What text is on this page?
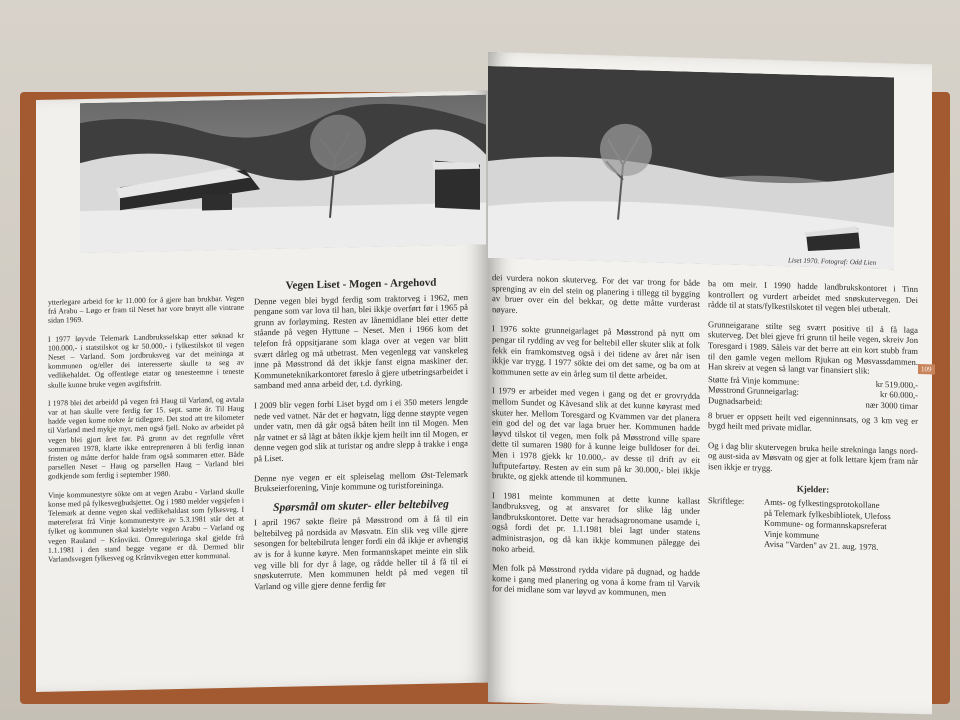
ytterlegare arbeid for kr 11.000 for å gjere han brukbar. Vegen frå Arabu – Løgo er fram til Neset har vore brøytt alle vintrane sidan 1969.

I 1977 løyvde Telemark Landbruksselskap etter søknad kr 100.000,- i statstilskot og kr 50.000,- i fylkestilskot til vegen Neset – Varland. Som jordbruksveg var det meininga at kommunen og/eller dei interesserte skulle ta seg av vedlikehaldet. Og offentlege etatar og tenesteemne i teneste skulle kunne bruke vegen avgiftsfritt.

I 1978 blei det arbeidd på vegen frå Haug til Varland, og avtala var at han skulle vere ferdig før 15. sept. same år. Til Haug hadde vegen kome nokre år tidlegare. Det stod att tre kilometer til Varland med mykje myr, men også fjell. Noko av arbeidet på vegen blei gjort året før. På grunn av det regnfulle vêret sommaren 1978, klarte ikke entreprenøren å bli ferdig innan fristen og måtte derfor halde fram også sommaren etter. Både parsellen Neset – Haug og parsellen Haug – Varland blei godkjende som ferdig i september 1980.

Vinje kommunestyre sökte om at vegen Arabu - Varland skulle konse med på fylkesvegbudsjettet. Og i 1980 melder vegsjefen i Telemark at denne vegen skal vedlikehaldast som fylkesveg. I møtereferat frå Vinje kommunestyre av 5.3.1981 står det at fylket og kommunen skal kastelyte vegen Arabu – Varland og vegen Rauland – Krånvikti. Omreguleringa skal gjelde frå 1.1.1981 i den stand begge vegane er då. Dermed blir Varlandsvegen fylkesveg og Krånvikvegen etter kommunal.

Vegen Liset - Mogen - Argehovd

Denne vegen blei bygd ferdig som traktorveg i 1962, men pengane som var lova til han, blei ikkje overført før i 1965 på grunn av forløyming. Resten av lånemidlane blei etter dette ståande på vegen Hyttune – Neset. Men i 1966 kom det telefon frå oppsitjarane som klaga over at vegen var blitt svært dårleg og må utbetrast. Men vegenlegg var vanskeleg inne på Møsstrond då det ikkje fanst eigna maskiner der. Kommuneteknikarkontoret føreslo å gjere utbetringsarbeidet i samband med anna arbeid der, t.d. dyrking.

I 2009 blir vegen forbi Liset bygd om i ei 350 meters lengde nede ved vatnet. Når det er høgvatn, ligg denne støypte vegen under vatn, men då går også båten heilt inn til Mogen. Men når vatnet er så lågt at båten ikkje kjem heilt inn til Mogen, er denne vegen god slik at turistar og andre slepp å trakke i enga på Liset.

Denne nye vegen er eit spleiselag mellom Øst-Telemark Brukseierforening, Vinje kommune og turistforeininga.

Spørsmål om skuter- eller beltebilveg

I april 1967 søkte fleire på Møsstrond om å få til ein beltebilveg på nordsida av Møsvatn. Ein slik veg ville gjere sesongen for beltebilruta lenger fordi ein då ikkje er avhengig av is for å kunne køyre. Men formannskapet meinte ein slik veg ville bli for dyr å lage, og rådde heller til å få til ei snøskuterrute. Men kommunen heldt på med vegen til Varland og ville gjere denne ferdig før

Liset 1970. Fotograf: Odd Lien
109

dei vurdera nokon skuterveg. For det var trong for både sprenging av ein del stein og planering i tillegg til bygging av bruer over ein del bekkar, og dette måtte vurderast nøyare.

I 1976 sokte grunneigarlaget på Møsstrond på nytt om pengar til rydding av veg for beltebil eller skuter slik at folk fekk ein framkomstveg også i dei tidene av året når isen ikkje var trygg. I 1977 sökte dei om det same, og ba om at kommunen sette av ein årleg sum til dette arbeidet.

I 1979 er arbeidet med vegen i gang og det er grovrydda mellom Sundet og Kåvesand slik at det kunne køyrast med skuter her. Mellom Toresgard og Kvammen var det planera ein god del og det var laga bruer her. Kommunen hadde løyvd tilskot til vegen, men folk på Møsstrond ville spare dette til sumaren 1980 for å kunne leige bulldoser for dei. Men i 1978 gjekk kr 10.000,- av desse til drift av eit luftputefartøy. Resten av ein sum på kr 30.000,- blei ikkje brukte, og gjekk attende til kommunen.

I 1981 meinte kommunen at dette kunne kallast landbruksveg, og at ansvaret for slike låg under landbrukskontoret. Dette var heradsagronomane usamde i, også fordi det pr. 1.1.1981 blei lagt under statens administrasjon, og då kan ikkje kommunen pålegge dei noko arbeid.

Men folk på Møsstrond rydda vidare på dugnad, og hadde kome i gang med planering og vona å kome fram til Varvik for dei midlane som var løyvd av kommunen, men

ba om meir. I 1990 hadde landbrukskontoret i Tinn kontrollert og vurdert arbeidet med snøskutervegen. Dei rådde til at stats/fylkestilskotet til vegen blei utbetalt.

Grunneigarane stilte seg svært positive til å få laga skuterveg. Det blei gjeve fri grunn til heile vegen, skreiv Jon Toresgard i 1989. Såleis var det berre att ein kort stubb fram til den gamle vegen mellom Rjukan og Møsvassdammen. Han skreiv at vegen så langt var finansiert slik:

Støtte frå Vinje kommune:	kr 519.000,-
Møsstrond Grunneigarlag:	kr 60.000,-
Dugnadsarbeid:	nær 3000 timar

8 bruer er oppsett heilt ved eigenninnsats, og 3 km veg er bygd heilt med private midlar.

Og i dag blir skutervegen bruka heile strekninga langs nord- og aust-sida av Møsvatn og gjer at folk lettare kjem fram når isen ikkje er trygg.

Kjelder:
Skriftlege:	Amts- og fylkestingsprotokollane
på Telemark fylkesbibliotek, Ulefoss
Kommune- og formannskapsreferat
Vinje kommune
Avisa "Varden" av 21. aug. 1978.
